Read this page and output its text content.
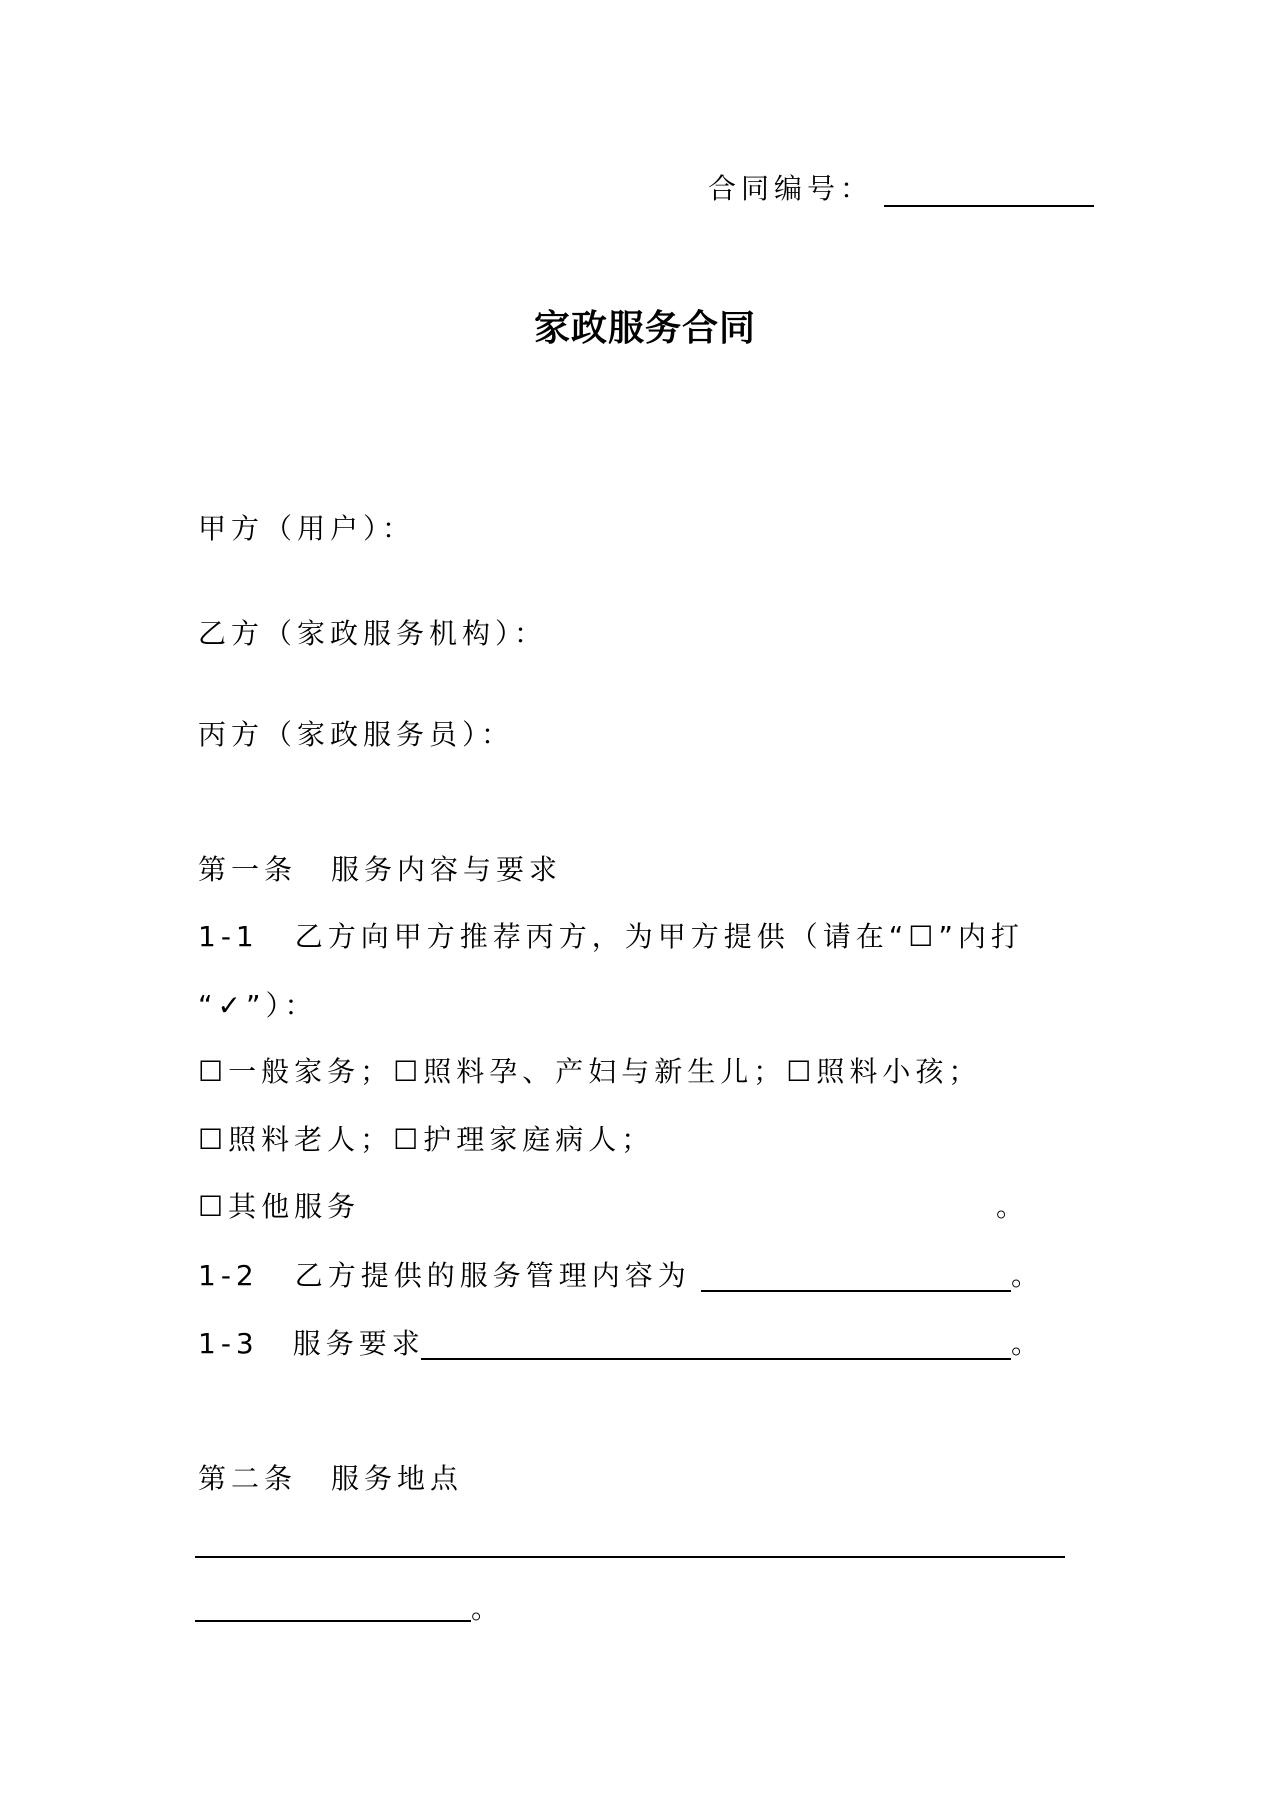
合同编号：
家政服务合同
甲方（用户）：
乙方（家政服务机构）：
丙方（家政服务员）：
第一条 服务内容与要求
1-1 乙方向甲方推荐丙方，为甲方提供（请在“☐”内打
“✓”）：
☐一般家务；☐照料孕、产妇与新生儿；☐照料小孩；
☐照料老人；☐护理家庭病人；
☐其他服务	。
1-2 乙方提供的服务管理内容为	。
1-3 服务要求	。
第二条 服务地点
。
